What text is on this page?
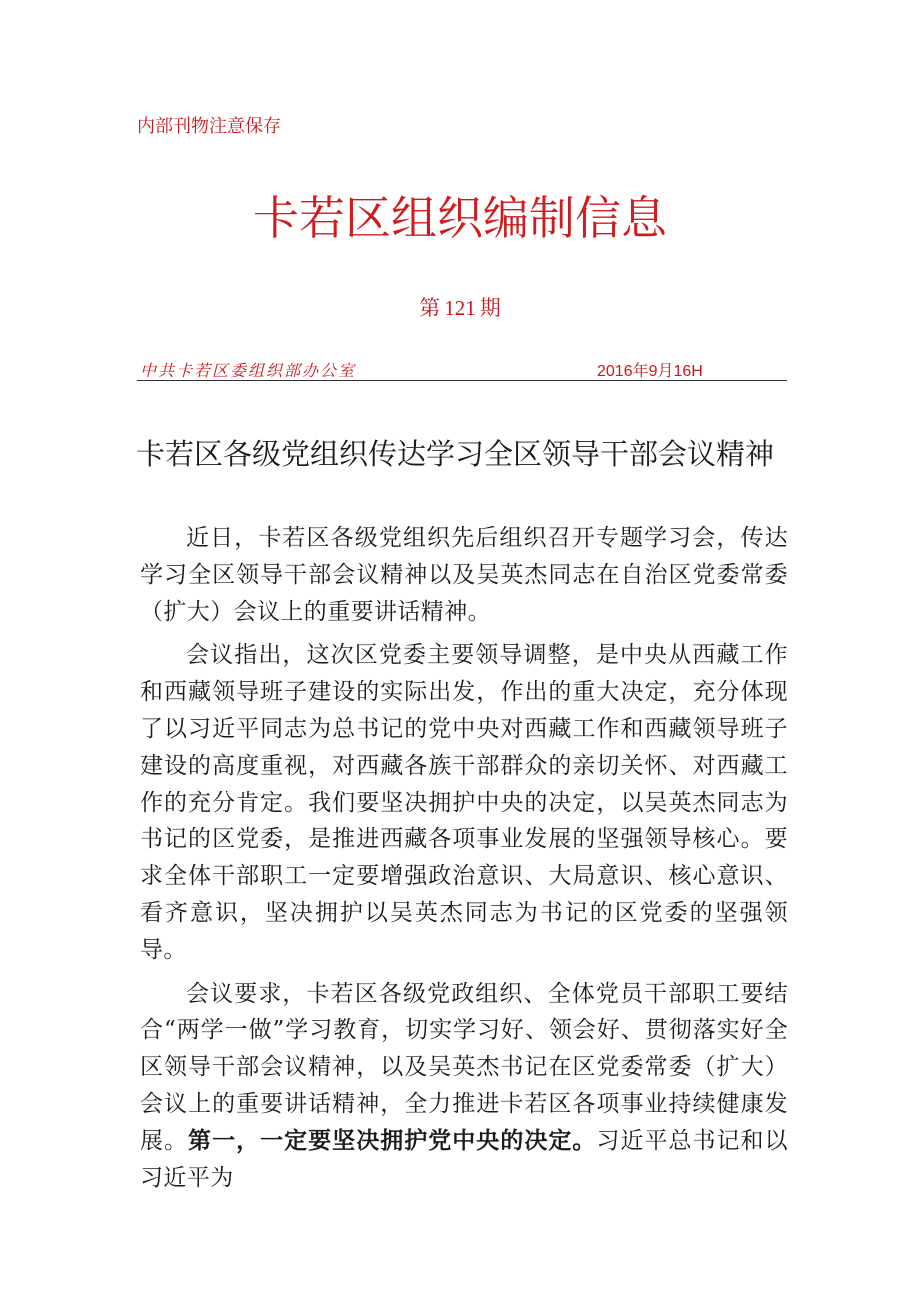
内部刊物注意保存
卡若区组织编制信息
第 121 期
中共卡若区委组织部办公室	2016年9月16H
卡若区各级党组织传达学习全区领导干部会议精神

近日，卡若区各级党组织先后组织召开专题学习会，传达学习全区领导干部会议精神以及吴英杰同志在自治区党委常委（扩大）会议上的重要讲话精神。

会议指出，这次区党委主要领导调整，是中央从西藏工作和西藏领导班子建设的实际出发，作出的重大决定，充分体现了以习近平同志为总书记的党中央对西藏工作和西藏领导班子建设的高度重视，对西藏各族干部群众的亲切关怀、对西藏工作的充分肯定。我们要坚决拥护中央的决定，以吴英杰同志为书记的区党委，是推进西藏各项事业发展的坚强领导核心。要求全体干部职工一定要增强政治意识、大局意识、核心意识、看齐意识，坚决拥护以吴英杰同志为书记的区党委的坚强领导。

会议要求，卡若区各级党政组织、全体党员干部职工要结合“两学一做”学习教育，切实学习好、领会好、贯彻落实好全区领导干部会议精神，以及吴英杰书记在区党委常委（扩大）会议上的重要讲话精神，全力推进卡若区各项事业持续健康发展。第一，一定要坚决拥护党中央的决定。习近平总书记和以习近平为
